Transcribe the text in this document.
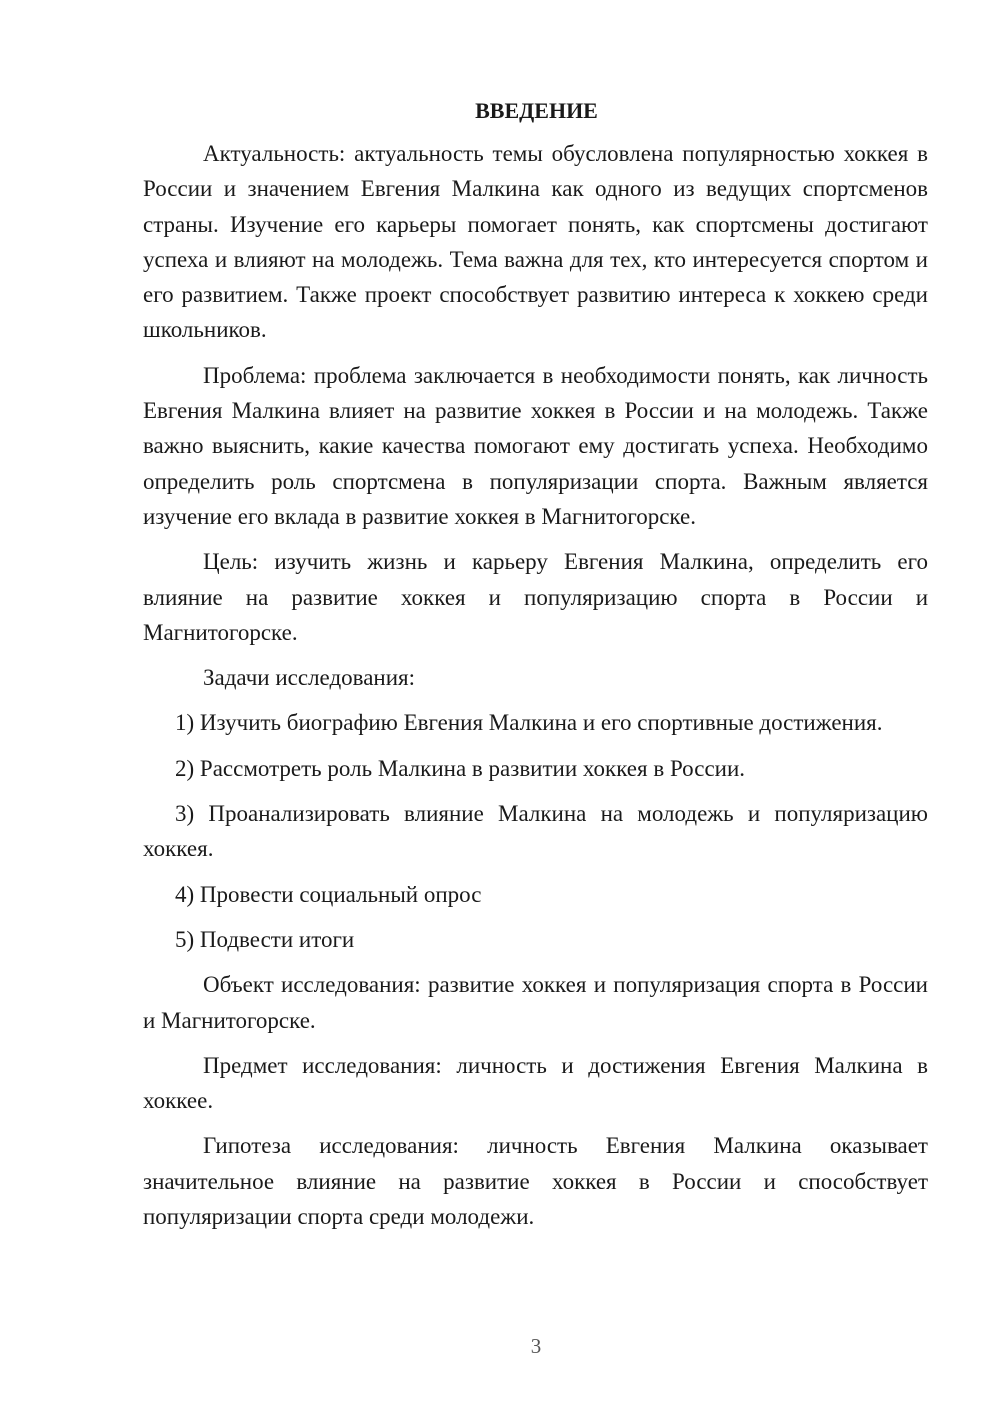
ВВЕДЕНИЕ

Актуальность: актуальность темы обусловлена популярностью хоккея в России и значением Евгения Малкина как одного из ведущих спортсменов страны. Изучение его карьеры помогает понять, как спортсмены достигают успеха и влияют на молодежь. Тема важна для тех, кто интересуется спортом и его развитием. Также проект способствует развитию интереса к хоккею среди школьников.

Проблема: проблема заключается в необходимости понять, как личность Евгения Малкина влияет на развитие хоккея в России и на молодежь. Также важно выяснить, какие качества помогают ему достигать успеха. Необходимо определить роль спортсмена в популяризации спорта. Важным является изучение его вклада в развитие хоккея в Магнитогорске.

Цель: изучить жизнь и карьеру Евгения Малкина, определить его влияние на развитие хоккея и популяризацию спорта в России и Магнитогорске.

Задачи исследования:

1) Изучить биографию Евгения Малкина и его спортивные достижения.

2) Рассмотреть роль Малкина в развитии хоккея в России.

3) Проанализировать влияние Малкина на молодежь и популяризацию хоккея.

4) Провести социальный опрос

5) Подвести итоги

Объект исследования: развитие хоккея и популяризация спорта в России и Магнитогорске.

Предмет исследования: личность и достижения Евгения Малкина в хоккее.

Гипотеза исследования: личность Евгения Малкина оказывает значительное влияние на развитие хоккея в России и способствует популяризации спорта среди молодежи.

3
